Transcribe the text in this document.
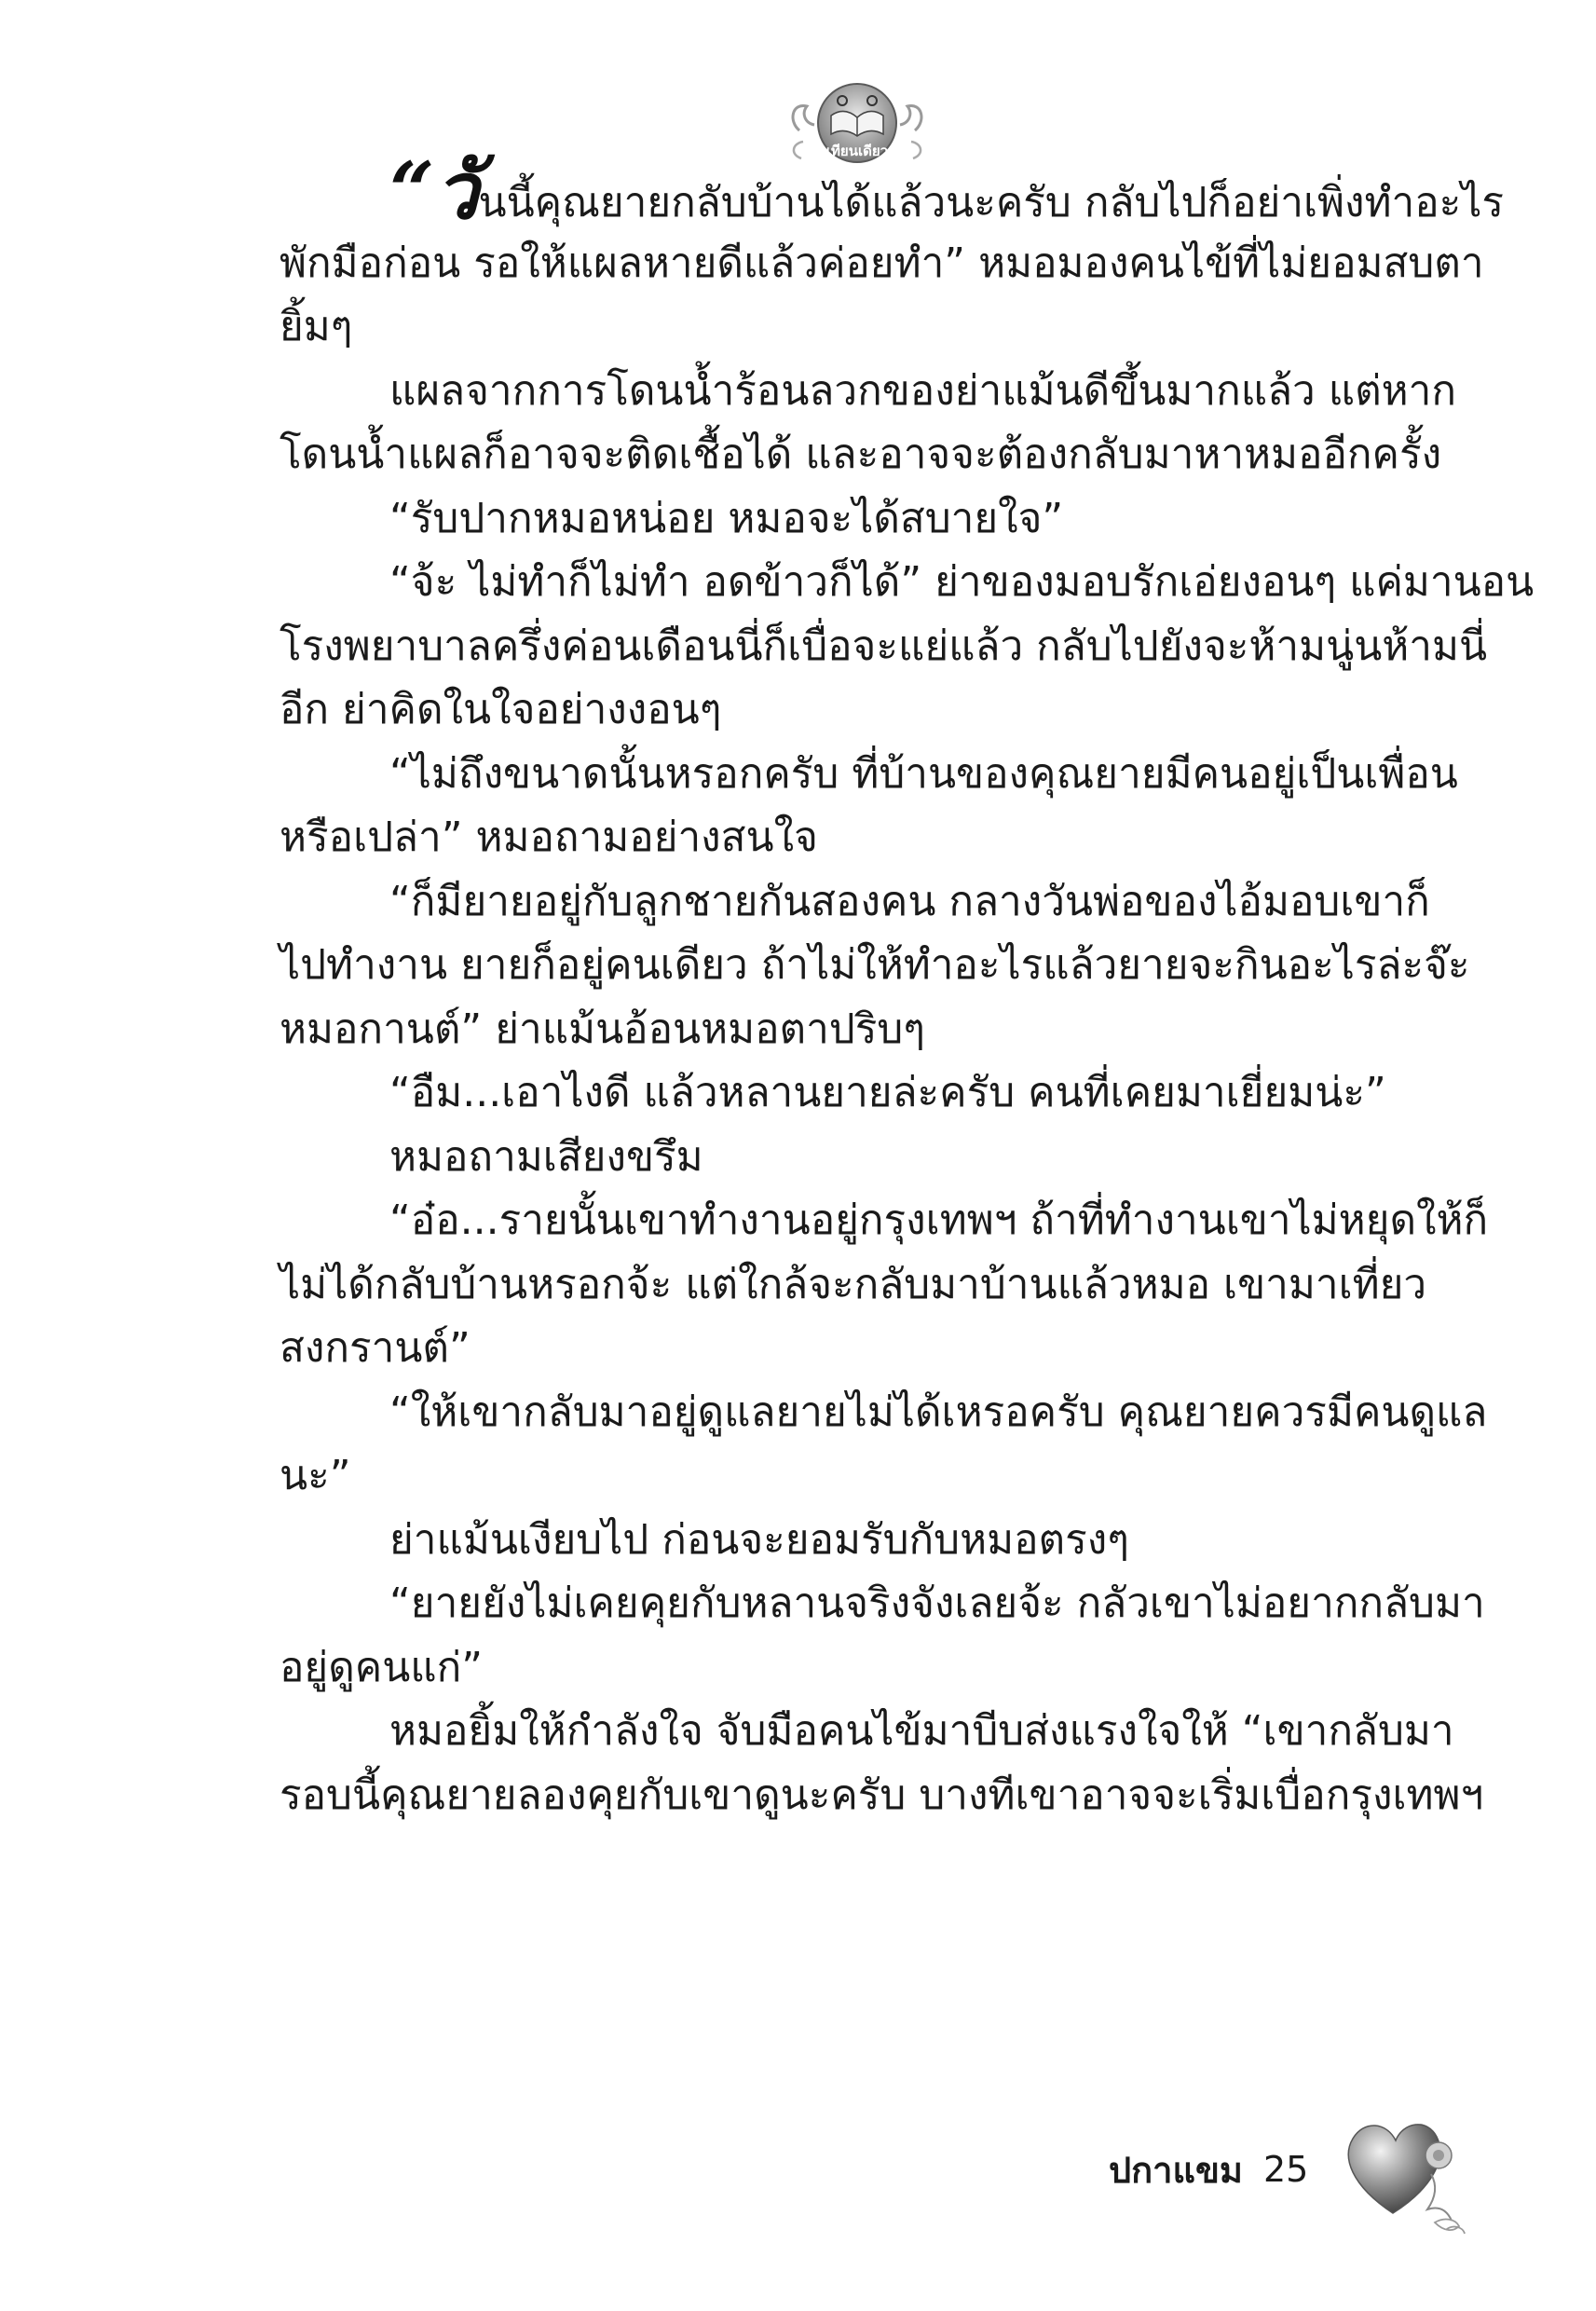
เทียนเดียว
“วันนี้คุณยายกลับบ้านได้แล้วนะครับ กลับไปก็อย่าเพิ่งทำอะไร
พักมือก่อน รอให้แผลหายดีแล้วค่อยทำ” หมอมองคนไข้ที่ไม่ยอมสบตา
ยิ้มๆ
แผลจากการโดนน้ำร้อนลวกของย่าแม้นดีขึ้นมากแล้ว แต่หาก
โดนน้ำแผลก็อาจจะติดเชื้อได้ และอาจจะต้องกลับมาหาหมออีกครั้ง
“รับปากหมอหน่อย หมอจะได้สบายใจ”
“จ้ะ ไม่ทำก็ไม่ทำ อดข้าวก็ได้” ย่าของมอบรักเอ่ยงอนๆ แค่มานอน
โรงพยาบาลครึ่งค่อนเดือนนี่ก็เบื่อจะแย่แล้ว กลับไปยังจะห้ามนู่นห้ามนี่
อีก ย่าคิดในใจอย่างงอนๆ
“ไม่ถึงขนาดนั้นหรอกครับ ที่บ้านของคุณยายมีคนอยู่เป็นเพื่อน
หรือเปล่า” หมอถามอย่างสนใจ
“ก็มียายอยู่กับลูกชายกันสองคน กลางวันพ่อของไอ้มอบเขาก็
ไปทำงาน ยายก็อยู่คนเดียว ถ้าไม่ให้ทำอะไรแล้วยายจะกินอะไรล่ะจ๊ะ
หมอกานต์” ย่าแม้นอ้อนหมอตาปริบๆ
“อืม...เอาไงดี แล้วหลานยายล่ะครับ คนที่เคยมาเยี่ยมน่ะ”
หมอถามเสียงขรึม
“อ๋อ...รายนั้นเขาทำงานอยู่กรุงเทพฯ ถ้าที่ทำงานเขาไม่หยุดให้ก็
ไม่ได้กลับบ้านหรอกจ้ะ แต่ใกล้จะกลับมาบ้านแล้วหมอ เขามาเที่ยว
สงกรานต์”
“ให้เขากลับมาอยู่ดูแลยายไม่ได้เหรอครับ คุณยายควรมีคนดูแล
นะ”
ย่าแม้นเงียบไป ก่อนจะยอมรับกับหมอตรงๆ
“ยายยังไม่เคยคุยกับหลานจริงจังเลยจ้ะ กลัวเขาไม่อยากกลับมา
อยู่ดูคนแก่”
หมอยิ้มให้กำลังใจ จับมือคนไข้มาบีบส่งแรงใจให้ “เขากลับมา
รอบนี้คุณยายลองคุยกับเขาดูนะครับ บางทีเขาอาจจะเริ่มเบื่อกรุงเทพฯ
ปกาแขม 25
